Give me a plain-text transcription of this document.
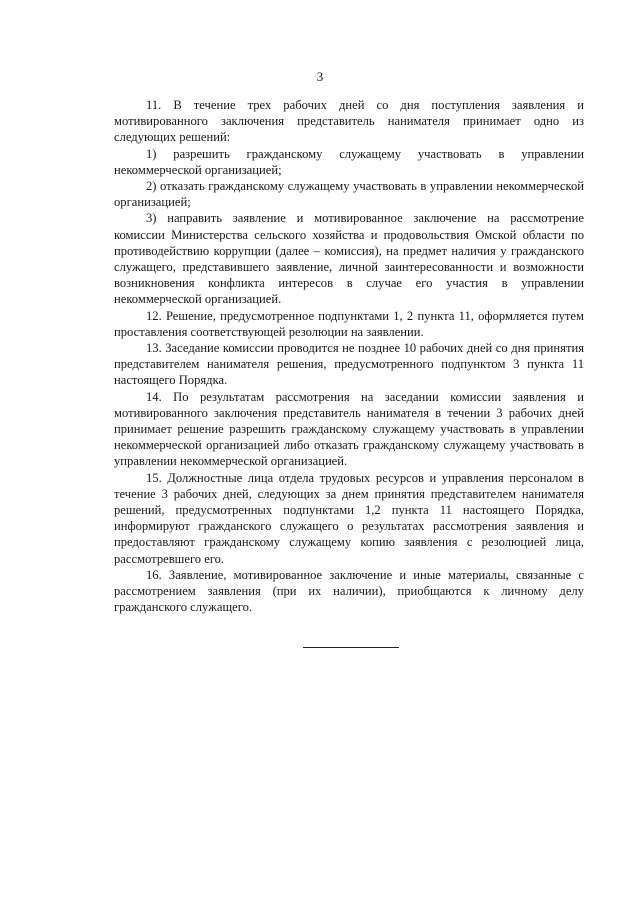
3

11. В течение трех рабочих дней со дня поступления заявления и мотивированного заключения представитель нанимателя принимает одно из следующих решений:

1) разрешить гражданскому служащему участвовать в управлении некоммерческой организацией;

2) отказать гражданскому служащему участвовать в управлении некоммерческой организацией;

3) направить заявление и мотивированное заключение на рассмотрение комиссии Министерства сельского хозяйства и продовольствия Омской области по противодействию коррупции (далее – комиссия), на предмет наличия у гражданского служащего, представившего заявление, личной заинтересованности и возможности возникновения конфликта интересов в случае его участия в управлении некоммерческой организацией.

12. Решение, предусмотренное подпунктами 1, 2 пункта 11, оформляется путем проставления соответствующей резолюции на заявлении.

13. Заседание комиссии проводится не позднее 10 рабочих дней со дня принятия представителем нанимателя решения, предусмотренного подпунктом 3 пункта 11 настоящего Порядка.

14. По результатам рассмотрения на заседании комиссии заявления и мотивированного заключения представитель нанимателя в течении 3 рабочих дней принимает решение разрешить гражданскому служащему участвовать в управлении некоммерческой организацией либо отказать гражданскому служащему участвовать в управлении некоммерческой организацией.

15. Должностные лица отдела трудовых ресурсов и управления персоналом в течение 3 рабочих дней, следующих за днем принятия представителем нанимателя решений, предусмотренных подпунктами 1,2 пункта 11 настоящего Порядка, информируют гражданского служащего о результатах рассмотрения заявления и предоставляют гражданскому служащему копию заявления с резолюцией лица, рассмотревшего его.

16. Заявление, мотивированное заключение и иные материалы, связанные с рассмотрением заявления (при их наличии), приобщаются к личному делу гражданского служащего.
